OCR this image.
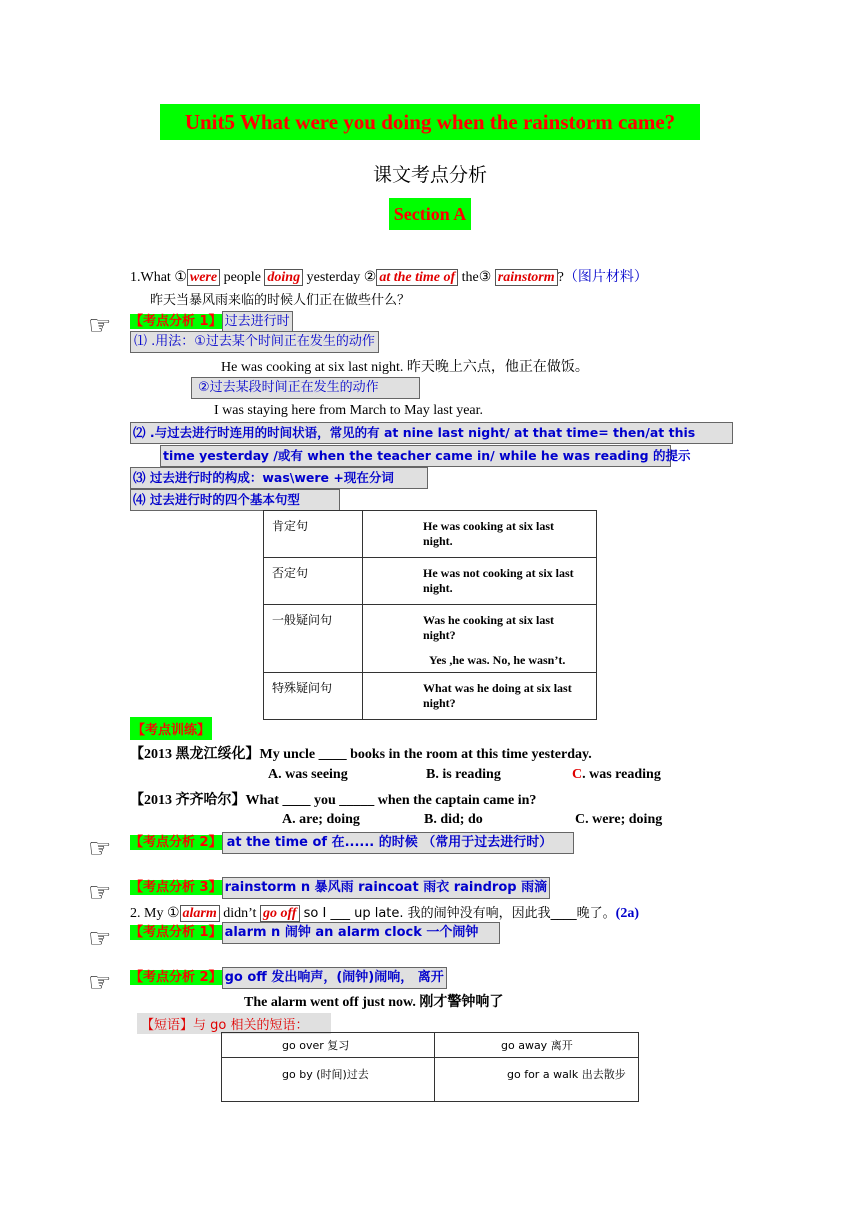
Unit5 What were you doing when the rainstorm came?
课文考点分析
Section A
1.What ① were people doing yesterday ② at the time of the③ rainstorm ?（图片材料）
昨天当暴风雨来临的时候人们正在做些什么？
☞ 【考点分析 1】 过去进行时
⑴ .用法：①过去某个时间正在发生的动作
He was cooking at six last night. 昨天晚上六点，他正在做饭。
②过去某段时间正在发生的动作
I was staying here from March to May last year.
⑵ .与过去进行时连用的时间状语，常见的有 at nine last night/ at that time= then/at this
time yesterday /或有 when the teacher came in/ while he was reading 的提示
⑶ 过去进行时的构成：was\were +现在分词
⑷ 过去进行时的四个基本句型
肯定句	He was cooking at six last night.
否定句	He was not cooking at six last night.
一般疑问句	Was he cooking at six last night?
Yes ,he was. No, he wasn’t.

特殊疑问句	What was he doing at six last night?
【考点训练】
【2013 黑龙江绥化】My uncle ____ books in the room at this time yesterday.
A. was seeing	B. is reading	C. was reading
【2013 齐齐哈尔】What ____ you _____ when the captain came in?
A. are; doing	B. did; do	C. were; doing
☞ 【考点分析 2】 at the time of 在...... 的时候 （常用于过去进行时）
☞ 【考点分析 3】 rainstorm n 暴风雨 raincoat 雨衣 raindrop 雨滴
2. My ① alarm didn’t go off so I ___ up late. 我的闹钟没有响，因此我____晚了。(2a)
☞ 【考点分析 1】 alarm n 闹钟 an alarm clock 一个闹钟
☞ 【考点分析 2】 go off 发出响声，(闹钟)闹响， 离开
The alarm went off just now. 刚才警钟响了
【短语】与 go 相关的短语：
go over 复习	go away 离开
go by (时间)过去	go for a walk 出去散步
